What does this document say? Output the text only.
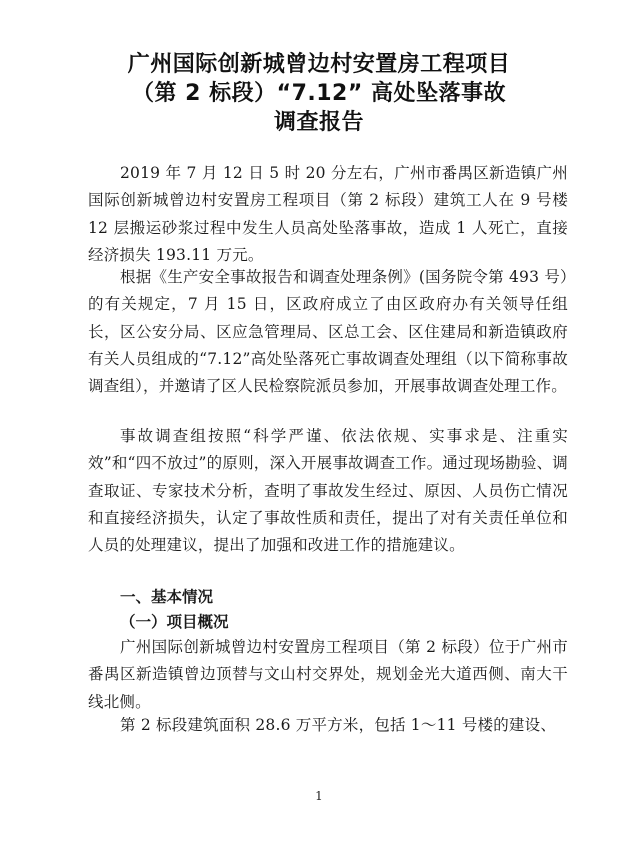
广州国际创新城曾边村安置房工程项目
（第 2 标段）“7.12” 高处坠落事故
调查报告
2019 年 7 月 12 日 5 时 20 分左右，广州市番禺区新造镇广州国际创新城曾边村安置房工程项目（第 2 标段）建筑工人在 9 号楼 12 层搬运砂浆过程中发生人员高处坠落事故，造成 1 人死亡，直接经济损失 193.11 万元。
根据《生产安全事故报告和调查处理条例》(国务院令第 493 号）的有关规定，7 月 15 日，区政府成立了由区政府办有关领导任组长，区公安分局、区应急管理局、区总工会、区住建局和新造镇政府有关人员组成的“7.12”高处坠落死亡事故调查处理组（以下简称事故调查组），并邀请了区人民检察院派员参加，开展事故调查处理工作。
事故调查组按照“科学严谨、依法依规、实事求是、注重实效”和“四不放过”的原则，深入开展事故调查工作。通过现场勘验、调查取证、专家技术分析，查明了事故发生经过、原因、人员伤亡情况和直接经济损失，认定了事故性质和责任，提出了对有关责任单位和人员的处理建议，提出了加强和改进工作的措施建议。
一、基本情况
（一）项目概况
广州国际创新城曾边村安置房工程项目（第 2 标段）位于广州市番禺区新造镇曾边顶替与文山村交界处，规划金光大道西侧、南大干线北侧。
第 2 标段建筑面积 28.6 万平方米，包括 1～11 号楼的建设、
1
